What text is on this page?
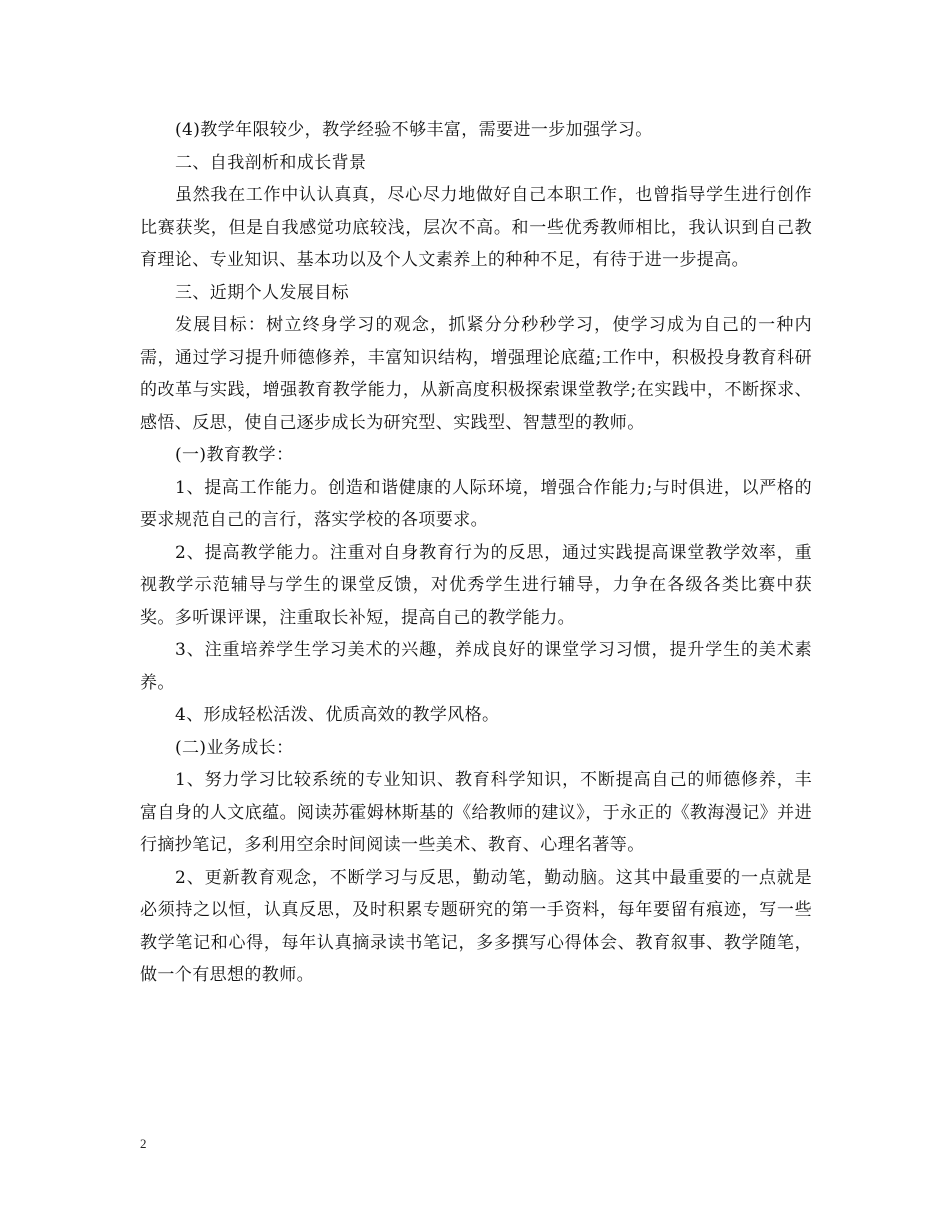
(4)教学年限较少，教学经验不够丰富，需要进一步加强学习。

二、自我剖析和成长背景

虽然我在工作中认认真真，尽心尽力地做好自己本职工作，也曾指导学生进行创作比赛获奖，但是自我感觉功底较浅，层次不高。和一些优秀教师相比，我认识到自己教育理论、专业知识、基本功以及个人文素养上的种种不足，有待于进一步提高。

三、近期个人发展目标

发展目标：树立终身学习的观念，抓紧分分秒秒学习，使学习成为自己的一种内需，通过学习提升师德修养，丰富知识结构，增强理论底蕴;工作中，积极投身教育科研的改革与实践，增强教育教学能力，从新高度积极探索课堂教学;在实践中，不断探求、感悟、反思，使自己逐步成长为研究型、实践型、智慧型的教师。

(一)教育教学：

1、提高工作能力。创造和谐健康的人际环境，增强合作能力;与时俱进，以严格的要求规范自己的言行，落实学校的各项要求。

2、提高教学能力。注重对自身教育行为的反思，通过实践提高课堂教学效率，重视教学示范辅导与学生的课堂反馈，对优秀学生进行辅导，力争在各级各类比赛中获奖。多听课评课，注重取长补短，提高自己的教学能力。

3、注重培养学生学习美术的兴趣，养成良好的课堂学习习惯，提升学生的美术素养。

4、形成轻松活泼、优质高效的教学风格。

(二)业务成长：

1、努力学习比较系统的专业知识、教育科学知识，不断提高自己的师德修养，丰富自身的人文底蕴。阅读苏霍姆林斯基的《给教师的建议》，于永正的《教海漫记》并进行摘抄笔记，多利用空余时间阅读一些美术、教育、心理名著等。

2、更新教育观念，不断学习与反思，勤动笔，勤动脑。这其中最重要的一点就是必须持之以恒，认真反思，及时积累专题研究的第一手资料，每年要留有痕迹，写一些教学笔记和心得，每年认真摘录读书笔记，多多撰写心得体会、教育叙事、教学随笔，做一个有思想的教师。

2
